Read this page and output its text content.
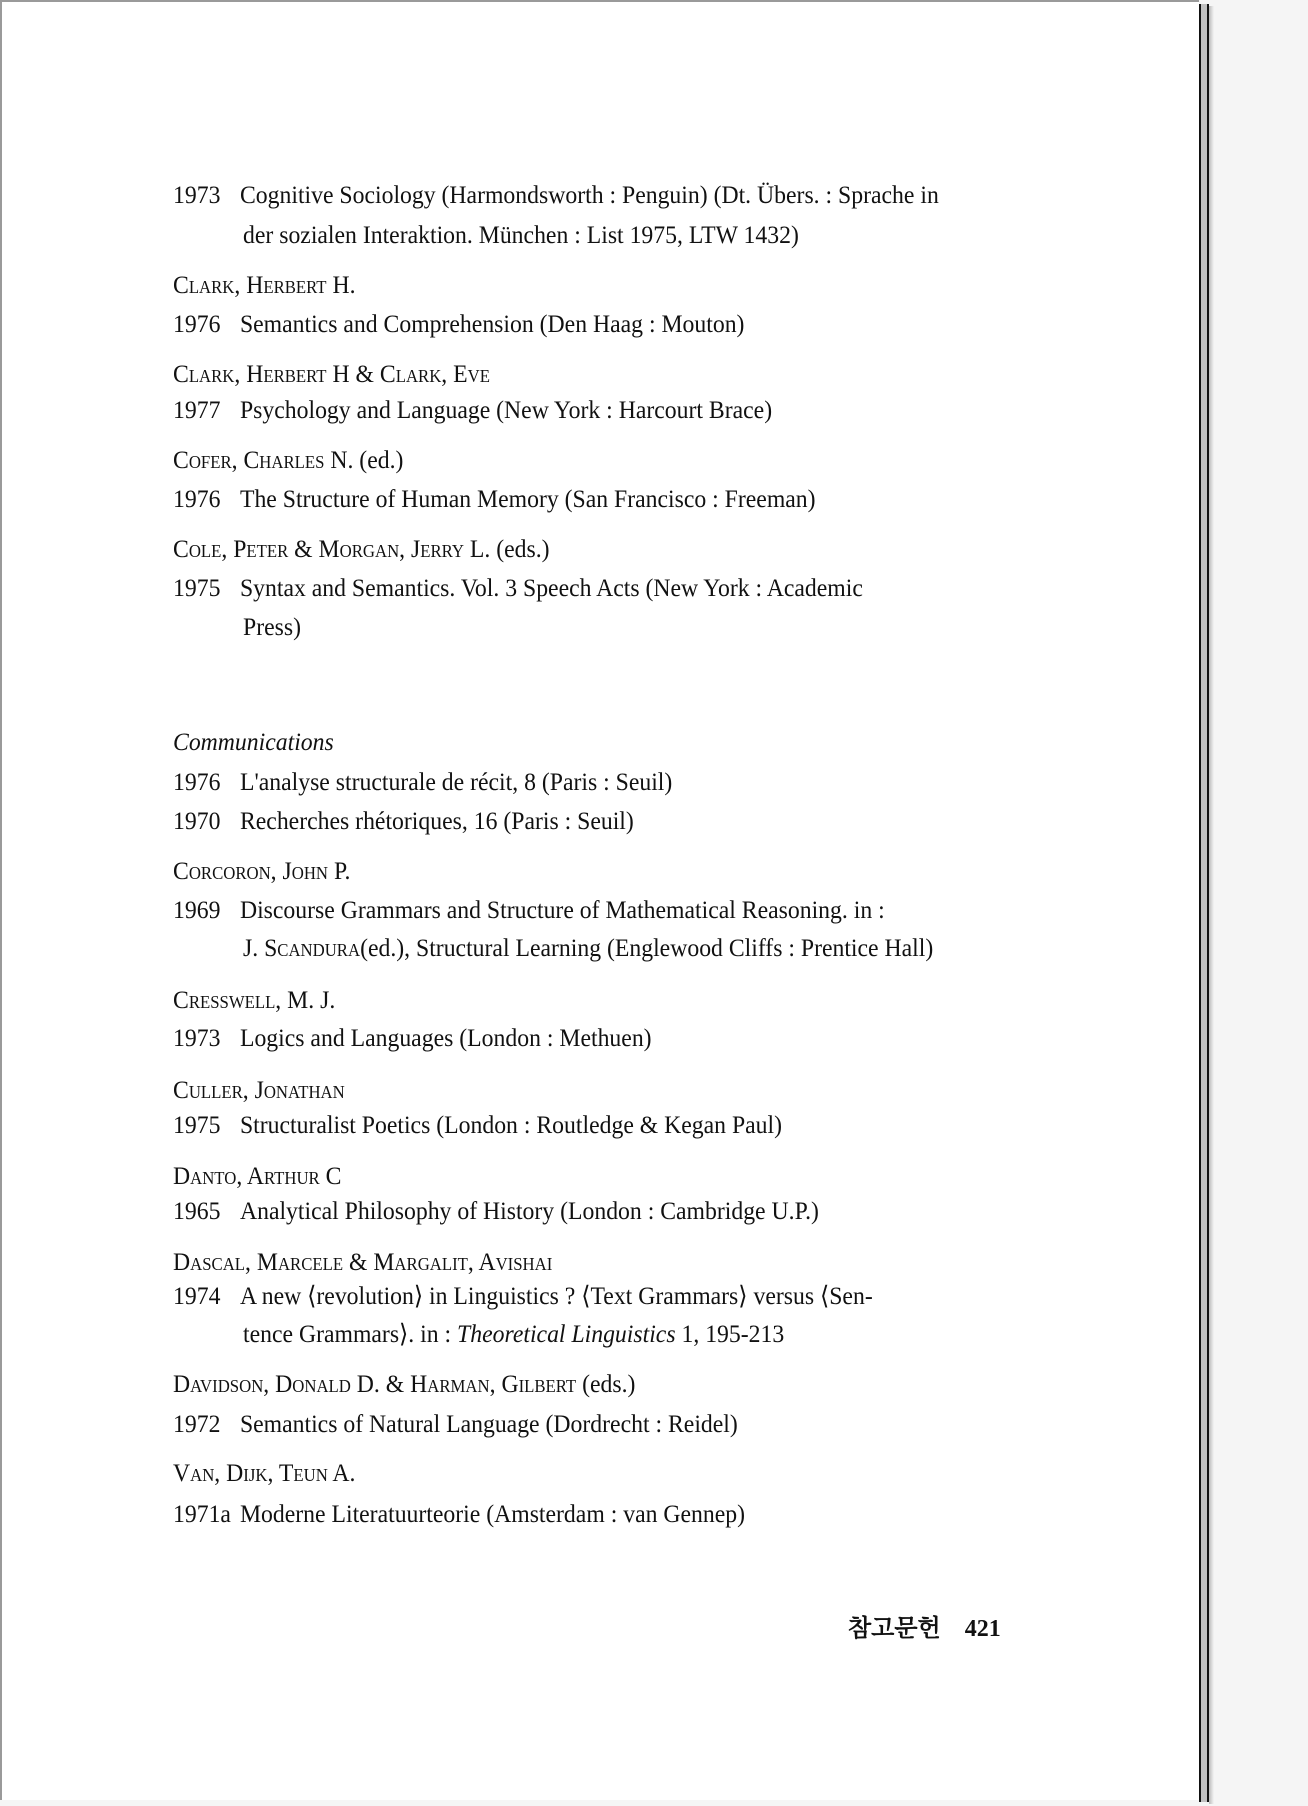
1973 Cognitive Sociology (Harmondsworth : Penguin) (Dt. Übers. : Sprache in
der sozialen Interaktion. München : List 1975, LTW 1432)
Clark, Herbert H.
1976 Semantics and Comprehension (Den Haag : Mouton)
Clark, Herbert H & Clark, Eve
1977 Psychology and Language (New York : Harcourt Brace)
Cofer, Charles N. (ed.)
1976 The Structure of Human Memory (San Francisco : Freeman)
Cole, Peter & Morgan, Jerry L. (eds.)
1975 Syntax and Semantics. Vol. 3 Speech Acts (New York : Academic
Press)
Communications
1976 L'analyse structurale de récit, 8 (Paris : Seuil)
1970 Recherches rhétoriques, 16 (Paris : Seuil)
Corcoron, John P.
1969 Discourse Grammars and Structure of Mathematical Reasoning. in :
J. Scandura(ed.), Structural Learning (Englewood Cliffs : Prentice Hall)
Cresswell, M. J.
1973 Logics and Languages (London : Methuen)
Culler, Jonathan
1975 Structuralist Poetics (London : Routledge & Kegan Paul)
Danto, Arthur C
1965 Analytical Philosophy of History (London : Cambridge U.P.)
Dascal, Marcele & Margalit, Avishai
1974 A new ⟨revolution⟩ in Linguistics ? ⟨Text Grammars⟩ versus ⟨Sen-
tence Grammars⟩. in : Theoretical Linguistics 1, 195-213
Davidson, Donald D. & Harman, Gilbert (eds.)
1972 Semantics of Natural Language (Dordrecht : Reidel)
Van, Dijk, Teun A.
1971a Moderne Literatuurteorie (Amsterdam : van Gennep)
참고문헌 421
